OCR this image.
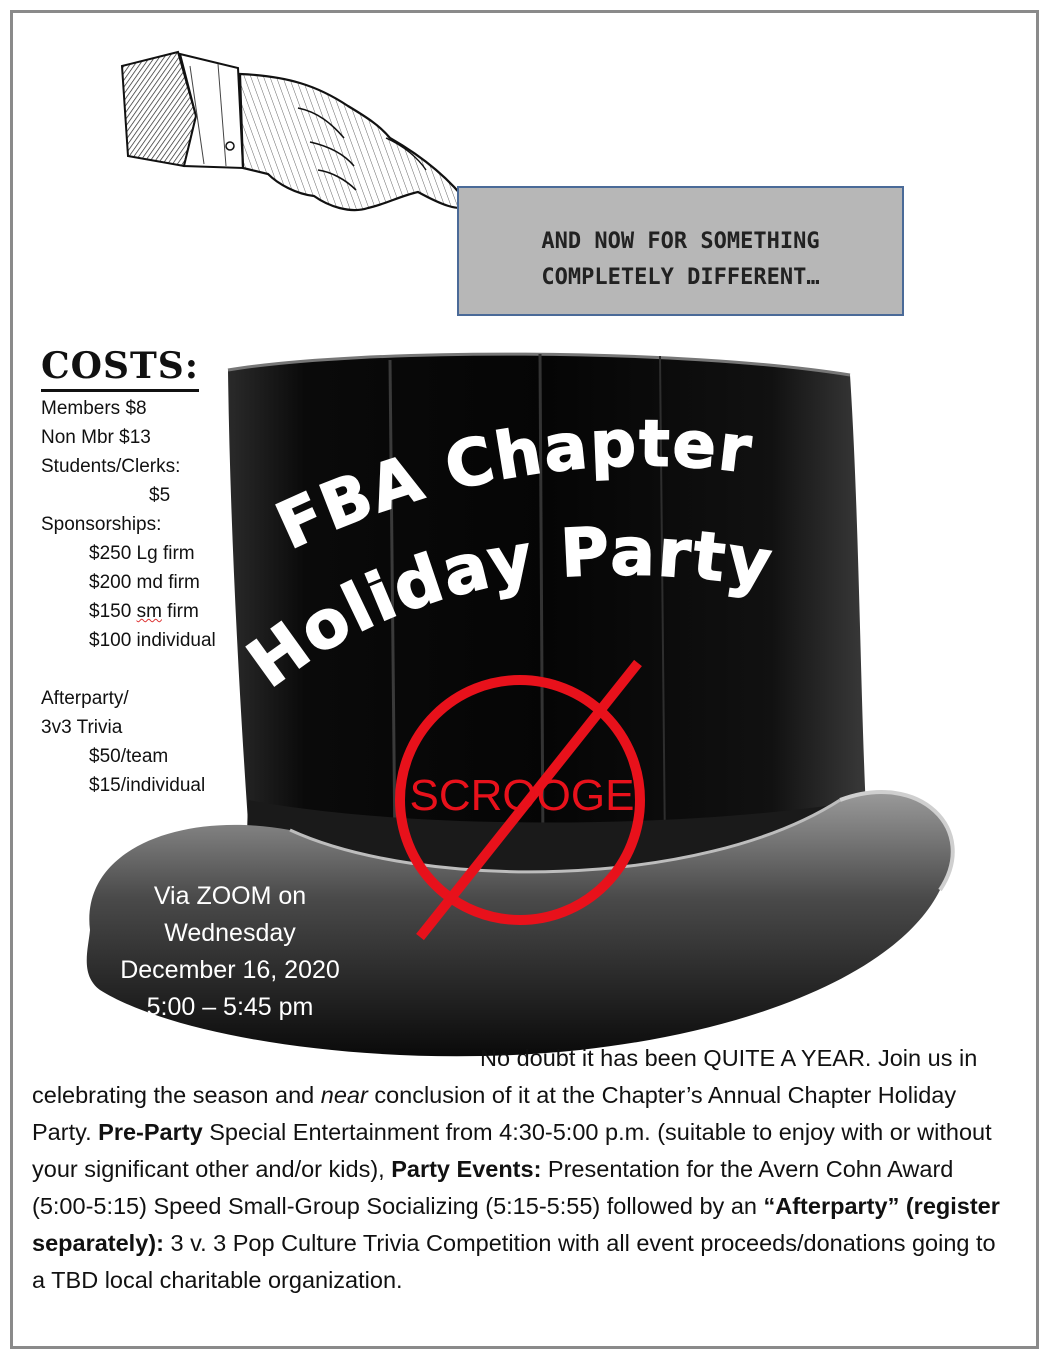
AND NOW FOR SOMETHING
COMPLETELY DIFFERENT…
COSTS:
Members $8
Non Mbr $13
Students/Clerks:
$5
Sponsorships:
$250 Lg firm
$200 md firm
$150 sm firm
$100 individual
Afterparty/
3v3 Trivia
$50/team
$15/individual
FBA Chapter
Holiday Party
SCROOGE
Via ZOOM on
Wednesday
December 16, 2020
5:00 – 5:45 pm
No doubt it has been QUITE A YEAR. Join us in celebrating the season and near conclusion of it at the Chapter’s Annual Chapter Holiday Party. Pre-Party Special Entertainment from 4:30-5:00 p.m. (suitable to enjoy with or without your significant other and/or kids), Party Events: Presentation for the Avern Cohn Award (5:00-5:15) Speed Small-Group Socializing (5:15-5:55) followed by an “Afterparty” (register separately): 3 v. 3 Pop Culture Trivia Competition with all event proceeds/donations going to a TBD local charitable organization.
